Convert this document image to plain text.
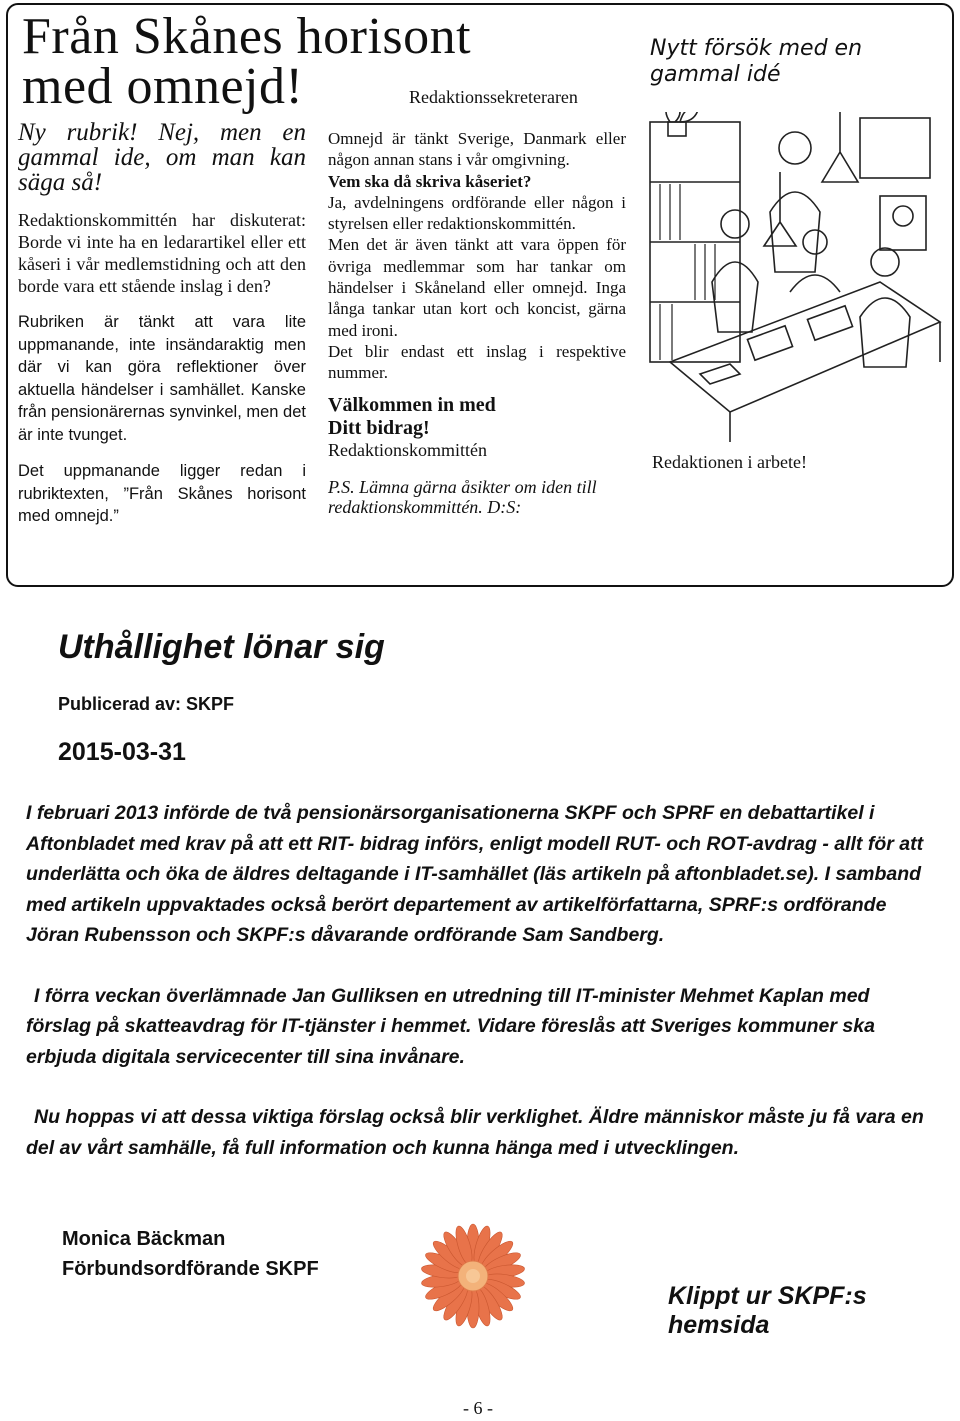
Från Skånes horisont
med omnejd!	Redaktionssekreteraren

Ny rubrik! Nej, men en gammal ide, om man kan säga så!

Redaktionskommittén har diskuterat: Borde vi inte ha en ledarartikel eller ett kåseri i vår medlemstidning och att den borde vara ett stående inslag i den?

Rubriken är tänkt att vara lite uppmanande, inte insändaraktig men där vi kan göra reflektioner över aktuella händelser i samhället. Kanske från pensionärernas synvinkel, men det är inte tvunget.

Det uppmanande ligger redan i rubriktexten, ”Från Skånes horisont med omnejd.”

Omnejd är tänkt Sverige, Danmark eller någon annan stans i vår omgivning.

Vem ska då skriva kåseriet?

Ja, avdelningens ordförande eller någon i styrelsen eller redaktionskommittén.

Men det är även tänkt att vara öppen för övriga medlemmar som har tankar om händelser i Skåneland eller omnejd. Inga långa tankar utan kort och koncist, gärna med ironi.

Det blir endast ett inslag i respektive nummer.

Välkommen in med
Ditt bidrag!

Redaktionskommittén

P.S. Lämna gärna åsikter om iden till redaktionskommittén. D:S:

Nytt försök med en
gammal idé
Redaktionen i arbete!
Uthållighet lönar sig
Publicerad av: SKPF
2015-03-31

I februari 2013 införde de två pensionärsorganisationerna SKPF och SPRF en debattartikel i Aftonbladet med krav på att ett RIT- bidrag införs, enligt modell RUT- och ROT-avdrag - allt för att underlätta och öka de äldres deltagande i IT-samhället (läs artikeln på aftonbladet.se). I samband med artikeln uppvaktades också berört departement av artikelförfattarna, SPRF:s ordförande Jöran Rubensson och SKPF:s dåvarande ordförande Sam Sandberg.

I förra veckan överlämnade Jan Gulliksen en utredning till IT-minister Mehmet Kaplan med förslag på skatteavdrag för IT-tjänster i hemmet. Vidare föreslås att Sveriges kommuner ska erbjuda digitala servicecenter till sina invånare.

Nu hoppas vi att dessa viktiga förslag också blir verklighet. Äldre människor måste ju få vara en del av vårt samhälle, få full information och kunna hänga med i utvecklingen.

Monica Bäckman
Förbundsordförande SKPF
Klippt ur SKPF:s hemsida
- 6 -
